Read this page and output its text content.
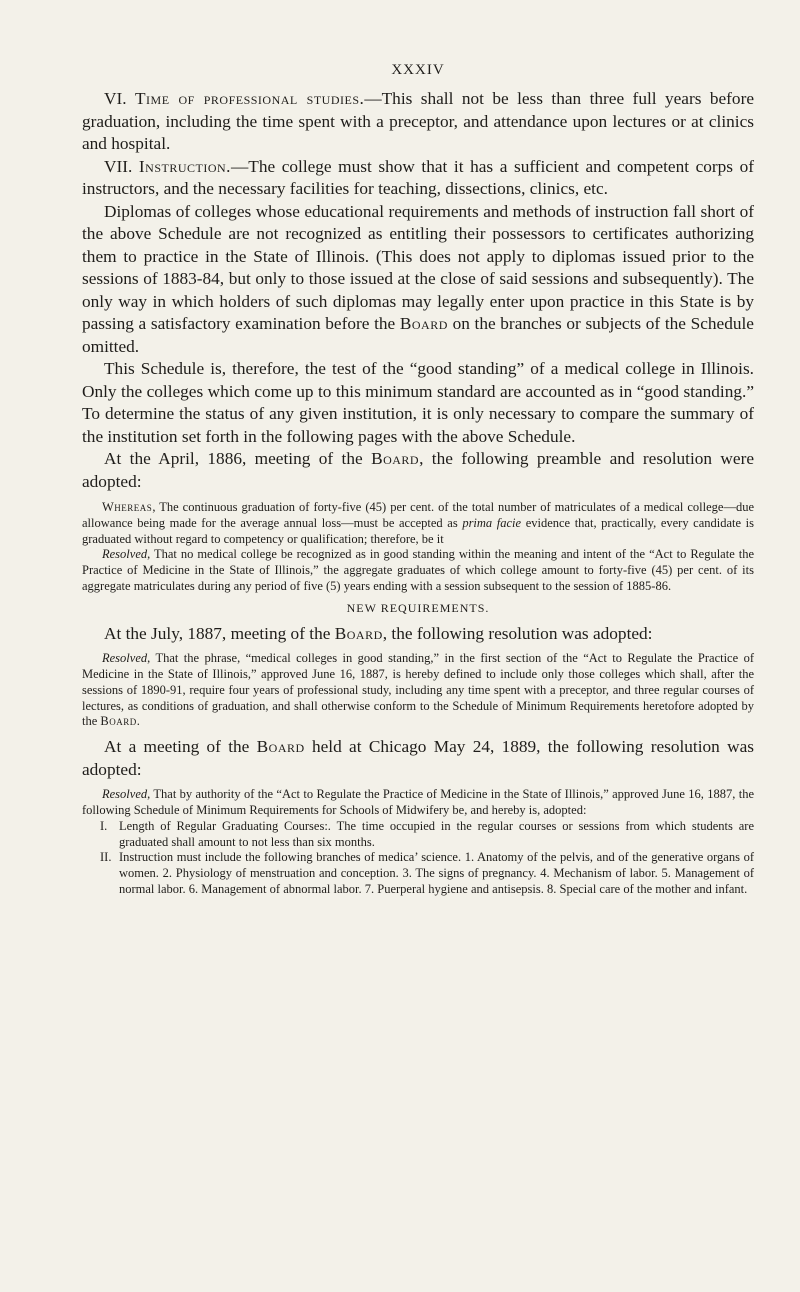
XXXIV

VI. Time of professional studies.—This shall not be less than three full years before graduation, including the time spent with a preceptor, and attendance upon lectures or at clinics and hospital.

VII. Instruction.—The college must show that it has a sufficient and competent corps of instructors, and the necessary facilities for teaching, dissections, clinics, etc.

Diplomas of colleges whose educational requirements and methods of instruction fall short of the above Schedule are not recognized as entitling their possessors to certificates authorizing them to practice in the State of Illinois. (This does not apply to diplomas issued prior to the sessions of 1883-84, but only to those issued at the close of said sessions and subsequently). The only way in which holders of such diplomas may legally enter upon practice in this State is by passing a satisfactory examination before the Board on the branches or subjects of the Schedule omitted.

This Schedule is, therefore, the test of the “good standing” of a medical college in Illinois. Only the colleges which come up to this minimum standard are accounted as in “good standing.” To determine the status of any given institution, it is only necessary to compare the summary of the institution set forth in the following pages with the above Schedule.

At the April, 1886, meeting of the Board, the following preamble and resolution were adopted:

Whereas, The continuous graduation of forty-five (45) per cent. of the total number of matriculates of a medical college—due allowance being made for the average annual loss—must be accepted as prima facie evidence that, practically, every candidate is graduated without regard to competency or qualification; therefore, be it

Resolved, That no medical college be recognized as in good standing within the meaning and intent of the “Act to Regulate the Practice of Medicine in the State of Illinois,” the aggregate graduates of which college amount to forty-five (45) per cent. of its aggregate matriculates during any period of five (5) years ending with a session subsequent to the session of 1885-86.

NEW REQUIREMENTS.

At the July, 1887, meeting of the Board, the following resolution was adopted:

Resolved, That the phrase, “medical colleges in good standing,” in the first section of the “Act to Regulate the Practice of Medicine in the State of Illinois,” approved June 16, 1887, is hereby defined to include only those colleges which shall, after the sessions of 1890-91, require four years of professional study, including any time spent with a preceptor, and three regular courses of lectures, as conditions of graduation, and shall otherwise conform to the Schedule of Minimum Requirements heretofore adopted by the Board.

At a meeting of the Board held at Chicago May 24, 1889, the following resolution was adopted:

Resolved, That by authority of the “Act to Regulate the Practice of Medicine in the State of Illinois,” approved June 16, 1887, the following Schedule of Minimum Requirements for Schools of Midwifery be, and hereby is, adopted:

I. Length of Regular Graduating Courses:. The time occupied in the regular courses or sessions from which students are graduated shall amount to not less than six months.
II. Instruction must include the following branches of medica’ science. 1. Anatomy of the pelvis, and of the generative organs of women. 2. Physiology of menstruation and conception. 3. The signs of pregnancy. 4. Mechanism of labor. 5. Management of normal labor. 6. Management of abnormal labor. 7. Puerperal hygiene and antisepsis. 8. Special care of the mother and infant.
